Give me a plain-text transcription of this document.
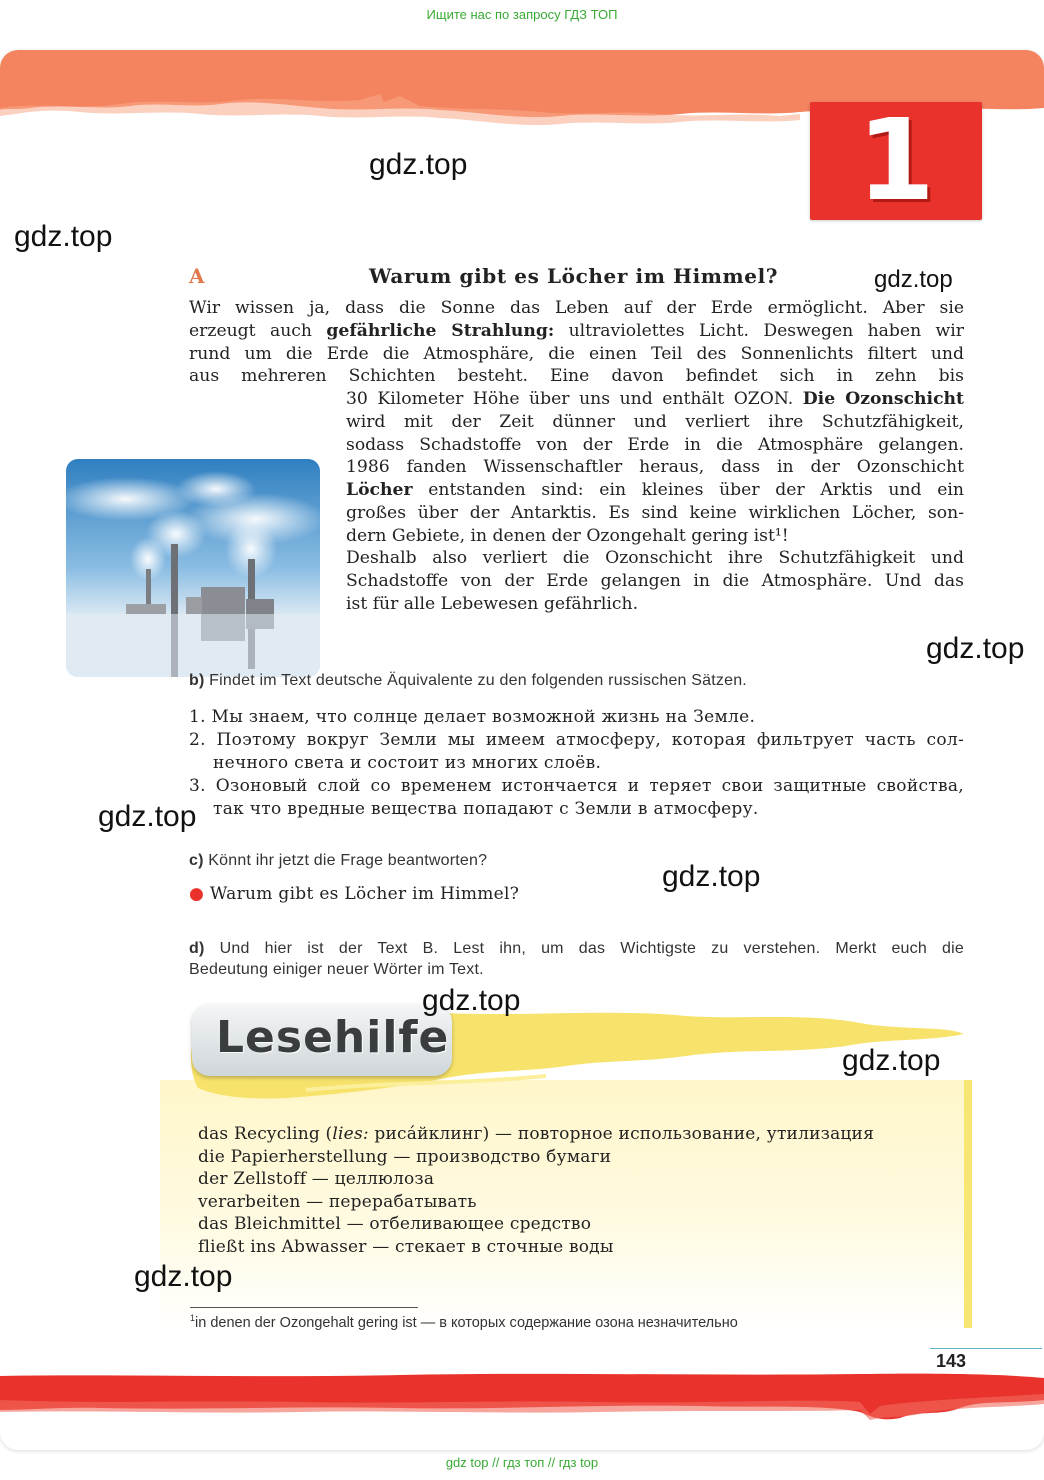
Ищите нас по запросу ГДЗ ТОП
1
A	Warum gibt es Löcher im Himmel?
b) Findet im Text deutsche Äquivalente zu den folgenden russischen Sätzen.
1. Мы знаем, что солнце делает возможной жизнь на Земле.
2. Поэтому вокруг Земли мы имеем атмосферу, которая фильтрует часть сол-
нечного света и состоит из многих слоёв.
3. Озоновый слой со временем истончается и теряет свои защитные свойства,
так что вредные вещества попадают с Земли в атмосферу.
c) Könnt ihr jetzt die Frage beantworten?
● Warum gibt es Löcher im Himmel?
d) Und hier ist der Text B. Lest ihn, um das Wichtigste zu verstehen. Merkt euch die
Bedeutung einiger neuer Wörter im Text.
Lesehilfe
das Recycling (lies: рисáйклинг) — повторное использование, утилизация
die Papierherstellung — производство бумаги
der Zellstoff — целлюлоза
verarbeiten — перерабатывать
das Bleichmittel — отбеливающее средство
fließt ins Abwasser — стекает в сточные воды
$^1$in denen der Ozongehalt gering ist — в которых содержание озона незначительно
143
gdz.top
gdz.top
gdz.top
gdz.top
gdz.top
gdz.top
gdz.top
gdz.top
gdz.top
Wir wissen ja, dass die Sonne das Leben auf der Erde ermöglicht. Aber sie
erzeugt auch gefährliche Strahlung: ultraviolettes Licht. Deswegen haben wir
rund um die Erde die Atmosphäre, die einen Teil des Sonnenlichts filtert und
aus mehreren Schichten besteht. Eine davon befindet sich in zehn bis
30 Kilometer Höhe über uns und enthält OZON. Die Ozonschicht
wird mit der Zeit dünner und verliert ihre Schutzfähigkeit,
sodass Schadstoffe von der Erde in die Atmosphäre gelangen.
1986 fanden Wissenschaftler heraus, dass in der Ozonschicht
Löcher entstanden sind: ein kleines über der Arktis und ein
großes über der Antarktis. Es sind keine wirklichen Löcher, son-
dern Gebiete, in denen der Ozongehalt gering ist¹!
Deshalb also verliert die Ozonschicht ihre Schutzfähigkeit und
Schadstoffe von der Erde gelangen in die Atmosphäre. Und das
ist für alle Lebewesen gefährlich.
gdz top // гдз топ // гдз top
